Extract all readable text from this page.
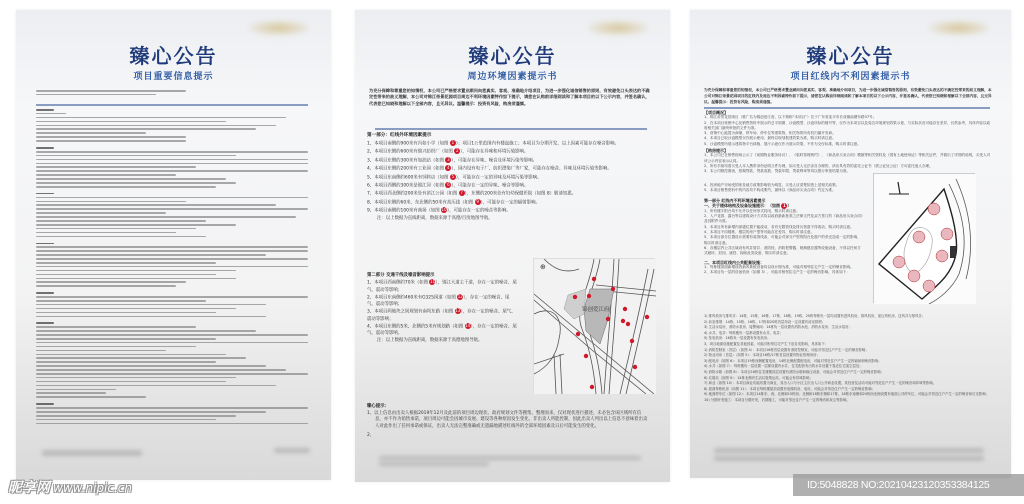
臻心公告
项目重要信息提示
臻心公告
周边环境因素提示书
为充分保障和尊重您的知情权，本公司已严格要求置业顾问向您真实、客观、准确地介绍项目，为进一步强化诚信销售的原则，有效避免口头表达的不确定性带来的歧义理解，本公司对锦江帝景花园项目周边不利环境因素特作如下提示，请您在认购前详细阅读和了解本项目的以下公示内容，并签名确认，代表您已知晓和理解以下全部内容，且无异议。温馨提示：投资有风险，购房须谨慎。
第一部分：红线外环境因素提示
1、本项目南侧约900米有冯如小学（如图 1 ）；项目1公里范围内有楼盘施工；本项目为分期开发，以上因素可能存在噪音影响。
2、本项目东侧约600米有锦兴纺织厂（如图 2 ），可能存在异味和环境污染影响。
3、本项目东侧约300米有加油站（如图 3 ），可能存在异味、噪音及环境污染等影响。
4、本项目东侧约200米有工业园（如图 4 ），园内设有电子厂、纺织漂染厂等厂家，可能存在噪音、异味及环境污染等影响。
5、本项目东南侧约600米有饲料店（如图 5 ），可能存在一定的异味及环境污染等影响。
6、本项目西侧约300米是锦江河（如图 6 ），可能存在一定的异味、噪音等影响。
7、本项目西北侧约200米处有滨江公园（如图 7 ），东侧约200米处有妇幼保健医院（如图 8）敬请知悉。
8、本项目东侧约60米、东北侧约50米有高压线（如图 9 ），可能存在一定的辐射影响。
9、本项目南侧约100米有商场（如图 10），可能存在一定的噪音等影响。
注：以上数据为直线距离，数据来源于高德/百度地图导航。
第二部分 交通干线及噪音影响提示
1、本项目西南侧约70米（如图 11），锦江大道主干道，存在一定的噪音、尾气、震动等影响；
2、本项目东南侧约460米有G325国道（如图 12），存在一定的噪音、尾气、震动等影响；
3、本项目两地块之间规划有南坝东路（如图 13），存在一定的噪音、尾气、震动等影响；
4、本项目东侧约5米、北侧约5米有规划路（如图 14），存在一定的噪音、尾气、震动等影响。
注：以上数据为直线距离，数据来源于高德地图导航。
锦创爱江府
⊕
臻心提示：
1、以上信息由出卖人根据2019年12月及此前的项目周边现状、政府规划文件等搜集、整理而来，仅对现状进行描述，未必包含该区域所有信息，亦不作为销售承诺，项目周边可能会因城市发展、建设等各种原因发生变化，非出卖人所能控制，因此出卖人列出以上信息不意味着出卖人对此作出了任何承诺或保证，出卖人无法完整准确或无遗漏地描述红线外的全部环境因素及日后可能发生的变化。
2、
臻心公告
项目红线内不利因素提示书
为充分保障和尊重您的知情权，本公司已严格要求置业顾问向您真实、客观、准确地介绍项目，为进一步强化诚信销售的原则，有效避免口头表达的不确定性带来的歧义理解，本公司对锦江帝景花园项目的红线内及周边不利因素特作如下提示，请您在认购前详细阅读和了解本项目的以下公示内容，并签名确认，代表您已知晓和理解以下全部内容，且无异议。温馨提示：投资有风险，购房须谨慎。
【项目概况】
1、锦江帝景花园项目（推广名为锦创爱江府，以下简称“本项目”）位于广东省连平市长成镇南塘东路37号。
2、在本项目营销中心及销售资料中展示的总平面图、沙盘模型、沙盘所标的楼号等，仅作为本项目以及周边环境规划效果示意，与实际状况可能存在差异，仅供参考，具体内容以政府相关部门最终审批的文件为准。
3、营销中心能提为商铺、停车场、停车位等建筑物，相关物的所有权归属开发商。
4、本项目已取沙盘模型仅作展示使用，最终以规划报建效果为准，购买时请注意。
5、沙盘模型所展示建筑物平台绿植、展厅示意仅作为展示效果，不作为交付标准，购买时请注意。
【购房提示】
1、本公司已在销售现场公示了《前期物业服务协议》、《临时管理规约》、《商品房买卖合同》模版等相关资料及《国有土地使用证》等相关证件，并做出了详细的说明，买受人对该公示内容表示认同。
2、所有手续均需买受人本人携带身份证明文件办理，如买受人无法亲自办理的，请出具有效的委托公证书（需公证处公证）方可委托他人办理。
3、本公司销控图表、按揭贷款、贷款成数、贷款年限、贷款利率等均以银行审批结果为准。
4、因房地产市场受国家及地方政策影响较为明显，买受人应清楚知悉上述相关政策。
5、本项目销售资料中的内容均不构成要约，最终以《商品房买卖合同》约定为准。
第一部分 红线内不利环境因素提示
一、关于楼体结构及设备设施提示：（如图 1 ）
1、所有楼宇阳台均不允许以任何形式封闭，购买时请注意。
2、入户花园、露台等以建筑设计方式均以政府最新批准之法律文件及双方签订的《商品房买卖合同》及其附件为准。
3、本项目所有新增内部通位置不能改动，若有无限管线及排污管道不得改动，购买时请注意。
4、本项目不同楼栋、楼层的房户型等可能存在差异，购买时请注意。
5、本项目部分位置设计需要有装饰线条，可能会对部分户型的阳台及窗户的采光造成一定的影响，购买时请注意。
6、各楼层内公共区域设有风井管井、消防栓、消防报警器、喷淋感应器等设施设备，不得以任何方式破坏、封闭、遮挡、拆除此类设备，购买时请注意。
二、本项目红线内公共配套设施：
1、每栋楼顶面新增设的新风系统设备均以设计图为准，可能对相邻住宅产生一定的噪音影响。
2、本项目负一层的设备机房（如图 3），可能对相邻住宅产生一定的噪音影响，具体如下：
1) 排风机房与排风井：14栋、15栋、16栋、17栋、18栋、19栋、20栋每栋负一层均设置有进风机房、排风机房、加压风机房、送风井与排风井；
2) 前室排烟：14栋、15栋、16栋、17栋和20栋首层均设一定设置有前室排烟；
3) 生活水泵房、消防水泵房、接警阀间：14栋负一层设置有消防水池、消防水泵房、生活水泵房；
4) 水井、电井：每栋楼负一层都设置有水井、电井；
5) 发电机房：16栋负一层设置有发电机房。
3、项目地面设施配置及其他因素，可能对相邻住宅产生下述各类影响，具体如下：
1) 消防控制室（首层）（如图 4）：本项目16栋首层设置有消防控制室，可能对邻近住户产生一定的噪音影响；
2) 物业用房（首层）（如图 5）：本项目16栋/17栋首层设置有物业管理用房；
3) 配电房（如图 6）：本项目19栋西侧配置电房，14栋北侧配置配电房，可能对邻近住户产生一定的辐射和噪音影响；
4) 水井（如图 7）：每栋楼负一层设置一层都设置有水井，住宅配套有出的水井设置于靠近住宅架空层处；
5) 消防水箱（如图 8）：本项目16栋住宅楼楼顶层设置有消防水箱和稳压设备，可能会对邻近住户产生一定的噪音影响；
6) 垃圾站（如图 9）：14栋北侧有生活垃圾集运站，可能会有异味影响；
7) 商业（如图 10）：本项目商业功能布置为商业，其出入口与小区主次出入口公开商业设置，其经营及活动可能对邻近住户产生一定的噪音和异味等影响。
8) 屋面每栋机房（如图 11）：本项目每栋楼屋顶设置有电梯机房、电房，可能会对邻近住户产生一定的噪音影响；
9) 地面停车位（如图 12）：本项目14栋东、西、北侧和15栋西、北侧和18栋东侧和17栋，18栋东南侧和20栋西北侧设置有地面公共停车位，可能会对邻近住户产生一定的噪音和灯光影响；
10) 分期开发施工：本项目分期开发，后期施工，可能对邻近住户产生一定的噪音和灰尘等影响。
昵享网 www.nipic.cn	ID:5048828 NO:20210423120353384125
